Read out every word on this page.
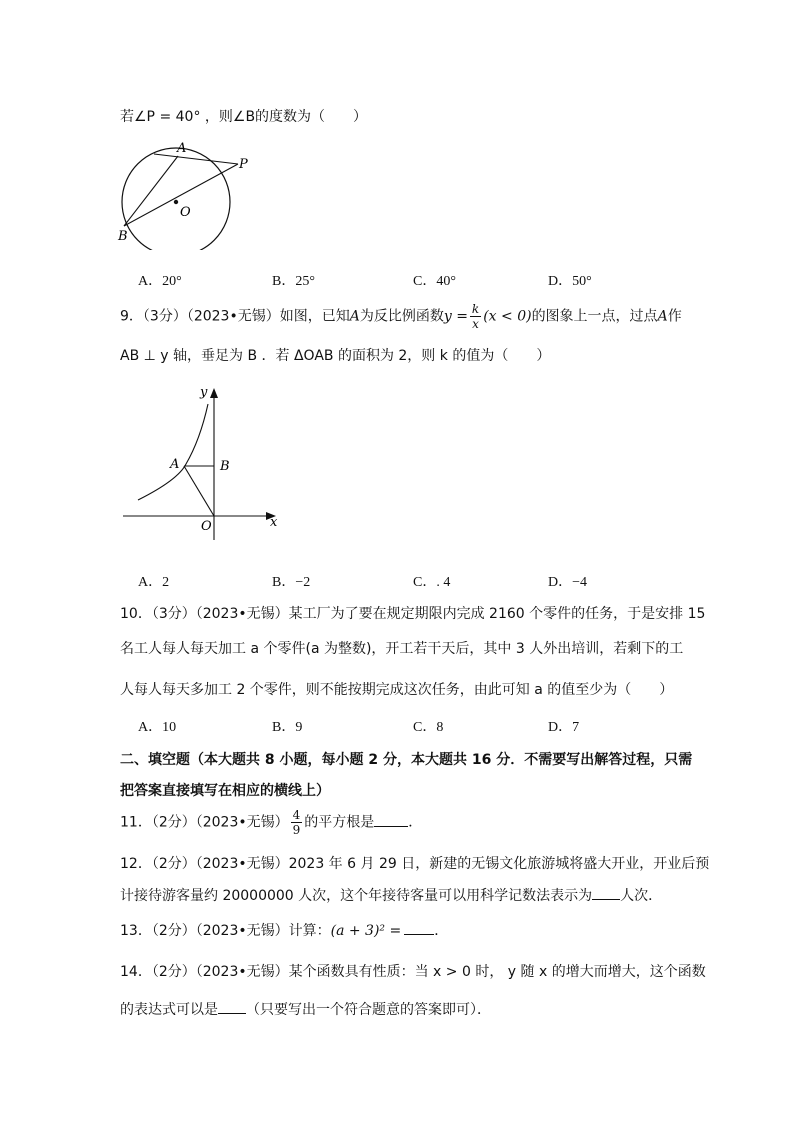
若∠P = 40° ，则∠B的度数为（　　）
A
P
O
B
A．20°	B．25°	C．40°	D．50°
9．（3分）（2023•无锡）如图，已知A为反比例函数$y = \frac{k}{x} (x < 0)$的图象上一点，过点A作
AB ⊥ y 轴，垂足为 B ．若 ΔOAB 的面积为 2，则 k 的值为（　　）
y
A	B
O	x
A．2	B．−2	C．. 4	D．−4
10．（3分）（2023•无锡）某工厂为了要在规定期限内完成 2160 个零件的任务，于是安排 15
名工人每人每天加工 a 个零件(a 为整数)，开工若干天后，其中 3 人外出培训，若剩下的工
人每人每天多加工 2 个零件，则不能按期完成这次任务，由此可知 a 的值至少为（　　）
A．10	B．9	C．8	D．7
二、填空题（本大题共 8 小题，每小题 2 分，本大题共 16 分．不需要写出解答过程，只需
把答案直接填写在相应的横线上）
11．（2分）（2023•无锡） $\frac{4}{9}$ 的平方根是 ．
12．（2分）（2023•无锡）2023 年 6 月 29 日，新建的无锡文化旅游城将盛大开业，开业后预
计接待游客量约 20000000 人次，这个年接待客量可以用科学记数法表示为 人次．
13．（2分）（2023•无锡）计算：(a + 3)² = ．
14．（2分）（2023•无锡）某个函数具有性质：当 x > 0 时， y 随 x 的增大而增大，这个函数
的表达式可以是 （只要写出一个符合题意的答案即可）．
